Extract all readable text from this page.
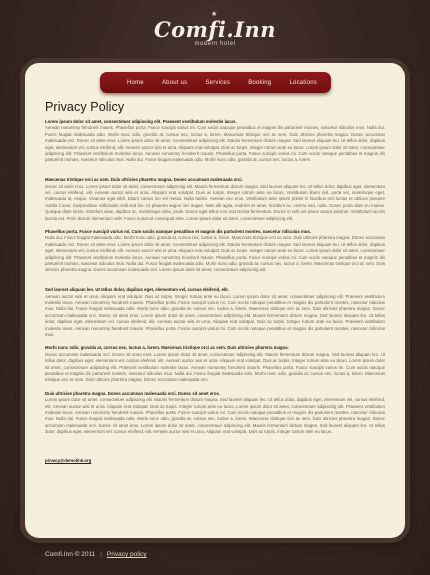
★
Comfi.Inn
modern hotel
Home	About us	Services	Booking	Locations
Privacy Policy
Lorem ipsum dolor sit amet, consectetuer adipiscing elit. Praesent vestibulum molestie lacus.
Aenean nonummy hendrerit mauris. Phasellus porta. Fusce suscipit varius mi. Cum sociis natoque penatibus et magnis dis parturient montes, nascetur ridiculus mus. Nulla dui. Fusce feugiat malesuada odio. Morbi nunc odio, gravida at, cursus nec, luctus a, lorem. Maecenas tristique orci ac sem. Duis ultricies pharetra magna. Donec accumsan malesuada orci. Donec sit amet eros. Lorem ipsum dolor sit amet, consectetuer adipiscing elit. Mauris fermentum dictum magna. Sed laoreet aliquam leo. Ut tellus dolor, dapibus eget, elementum vel, cursus eleifend, elit. Aenean auctor wisi et urna. Aliquam erat volutpat. Duis ac turpis. Integer rutrum ante eu lacus. Lorem ipsum dolor sit amet, consectetuer adipiscing elit. Praesent vestibulum molestie lacus. Aenean nonummy hendrerit mauris. Phasellus porta. Fusce suscipit varius mi. Cum sociis natoque penatibus et magnis dis parturient montes, nascetur ridiculus mus. Nulla dui. Fusce feugiat malesuada odio. Morbi nunc odio, gravida at, cursus nec, luctus a, lorem.
Maecenas tristique orci ac sem. Duis ultricies pharetra magna. Donec accumsan malesuada orci.
Donec sit amet eros. Lorem ipsum dolor sit amet, consectetuer adipiscing elit. Mauris fermentum dictum magna. Sed laoreet aliquam leo. Ut tellus dolor, dapibus eget, elementum vel, cursus eleifend, elit. Aenean auctor wisi et urna. Aliquam erat volutpat. Duis ac turpis. Integer rutrum ante eu lacus. Vestibulum libero nisl, porta vel, scelerisque eget, malesuada at, neque. Vivamus eget nibh. Etiam cursus leo vel metus. Nulla facilisi. Aenean nec eros. Vestibulum ante ipsum primis in faucibus orci luctus et ultrices posuere cubilia Curae; Suspendisse sollicitudin velit sed leo. Ut pharetra augue nec augue. Nam elit agna, endrerit sit amet, tincidunt ac, viverra sed, nulla. Donec porta diam eu massa. Quisque diam lorem, interdum vitae, dapibus ac, scelerisque vitae, pede. Donec eget tellus non erat lacinia fermentum. Donec in velit vel ipsum auctor pulvinar. Vestibulum iaculis lacinia est. Proin dictum elementum velit. Fusce euismod consequat ante. Lorem ipsum dolor sit amet, consectetuer adipiscing elit.
Phasellus porta. Fusce suscipit varius mi. Cum sociis natoque penatibus et magnis dis parturient montes, nascetur ridiculus mus.
Nulla dui. Fusce feugiat malesuada odio. Morbi nunc odio, gravida at, cursus nec, luctus a, lorem. Maecenas tristique orci ac sem. Duis ultricies pharetra magna. Donec accumsan malesuada orci. Donec sit amet eros. Lorem ipsum dolor sit amet, consectetuer adipiscing elit. Mauris fermentum dictum magna. Sed laoreet aliquam leo. Ut tellus dolor, dapibus eget, elementum vel, cursus eleifend, elit. Aenean auctor wisi et urna. Aliquam erat volutpat. Duis ac turpis. Integer rutrum ante eu lacus. Lorem ipsum dolor sit amet, consectetuer adipiscing elit. Praesent vestibulum molestie lacus. Aenean nonummy hendrerit mauris. Phasellus porta. Fusce suscipit varius mi. Cum sociis natoque penatibus et magnis dis parturient montes, nascetur ridiculus mus. Nulla dui. Fusce feugiat malesuada odio. Morbi nunc odio, gravida at, cursus nec, luctus a, lorem. Maecenas tristique orci ac sem. Duis ultricies pharetra magna. Donec accumsan malesuada orci. Lorem ipsum dolor sit amet, consectetuer adipiscing elit.
Sed laoreet aliquam leo. Ut tellus dolor, dapibus eget, elementum vel, cursus eleifend, elit.
Aenean auctor wisi et urna. Aliquam erat volutpat. Duis ac turpis. Integer rutrum ante eu lacus. Lorem ipsum dolor sit amet, consectetuer adipiscing elit. Praesent vestibulum molestie lacus. Aenean nonummy hendrerit mauris. Phasellus porta. Fusce suscipit varius mi. Cum sociis natoque penatibus et magnis dis parturient montes, nascetur ridiculus mus. Nulla dui. Fusce feugiat malesuada odio. Morbi nunc odio, gravida at, cursus nec, luctus a, lorem. Maecenas tristique orci ac sem. Duis ultricies pharetra magna. Donec accumsan malesuada orci. Donec sit amet eros. Lorem ipsum dolor sit amet, consectetuer adipiscing elit. Mauris fermentum dictum magna. Sed laoreet aliquam leo. Ut tellus dolor, dapibus eget, elementum vel, cursus eleifend, elit. Aenean auctor wisi et urna. Aliquam erat volutpat. Duis ac turpis. Integer rutrum ante eu lacus. Praesent vestibulum molestie lacus. Aenean nonummy hendrerit mauris. Phasellus porta. Fusce suscipit varius mi. Cum sociis natoque penatibus et magnis dis parturient montes, nascetur ridiculus mus.
Morbi nunc odio, gravida at, cursus nec, luctus a, lorem. Maecenas tristique orci ac sem. Duis ultricies pharetra magna.
Donec accumsan malesuada orci. Donec sit amet eros. Lorem ipsum dolor sit amet, consectetuer adipiscing elit. Mauris fermentum dictum magna. Sed laoreet aliquam leo. Ut tellus dolor, dapibus eget, elementum vel, cursus eleifend, elit. Aenean auctor wisi et urna. Aliquam erat volutpat. Duis ac turpis. Integer rutrum ante eu lacus. Lorem ipsum dolor sit amet, consectetuer adipiscing elit. Praesent vestibulum molestie lacus. Aenean nonummy hendrerit mauris. Phasellus porta. Fusce suscipit varius mi. Cum sociis natoque penatibus et magnis dis parturient montes, nascetur ridiculus mus. Nulla dui. Fusce feugiat malesuada odio. Morbi nunc odio, gravida at, cursus nec, luctus a, lorem. Maecenas tristique orci ac sem. Duis ultricies pharetra magna. Donec accumsan malesuada orci.
Duis ultricies pharetra magna. Donec accumsan malesuada orci. Donec sit amet eros.
Lorem ipsum dolor sit amet, consectetuer adipiscing elit. Mauris fermentum dictum magna. Sed laoreet aliquam leo. Ut tellus dolor, dapibus eget, elementum vel, cursus eleifend, elit. Aenean auctor wisi et urna. Aliquam erat volutpat. Duis ac turpis. Integer rutrum ante eu lacus. Lorem ipsum dolor sit amet, consectetuer adipiscing elit. Praesent vestibulum molestie lacus. Aenean nonummy hendrerit mauris. Phasellus porta. Fusce suscipit varius mi. Cum sociis natoque penatibus et magnis dis parturient montes, nascetur ridiculus mus. Nulla dui. Fusce feugiat malesuada odio. Morbi nunc odio, gravida at, cursus nec, luctus a, lorem. Maecenas tristique orci ac sem. Duis ultricies pharetra magna. Donec accumsan malesuada orci. Donec sit amet eros. Lorem ipsum dolor sit amet, consectetuer adipiscing elit. Mauris fermentum dictum magna. Sed laoreet aliquam leo. Ut tellus dolor, dapibus eget, elementum vel, cursus eleifend, elit. Aenean auctor wisi et urna. Aliquam erat volutpat. Duis ac turpis. Integer rutrum ante eu lacus.
privacy@demolink.org
Comfi.Inn © 2011 | Privacy policy
